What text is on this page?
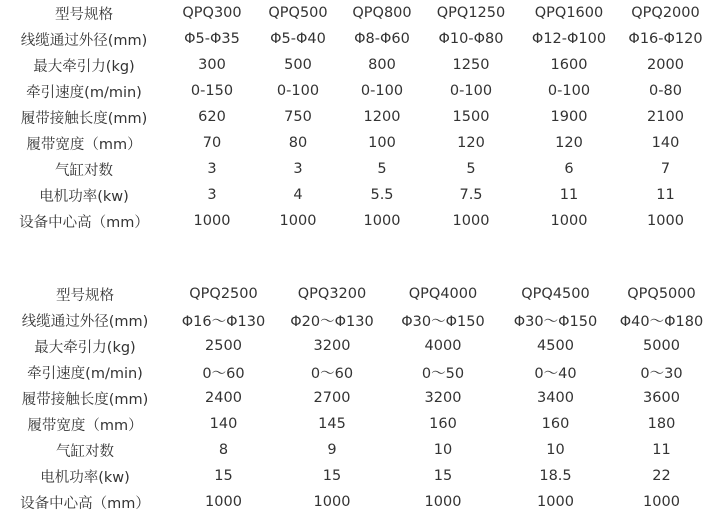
型号规格	QPQ300	QPQ500	QPQ800	QPQ1250	QPQ1600	QPQ2000
线缆通过外径(mm)	Φ5-Φ35	Φ5-Φ40	Φ8-Φ60	Φ10-Φ80	Φ12-Φ100	Φ16-Φ120
最大牵引力(kg)	300	500	800	1250	1600	2000
牵引速度(m/min)	0-150	0-100	0-100	0-100	0-100	0-80
履带接触长度(mm)	620	750	1200	1500	1900	2100
履带宽度（mm）	70	80	100	120	120	140
气缸对数	3	3	5	5	6	7
电机功率(kw)	3	4	5.5	7.5	11	11
设备中心高（mm）	1000	1000	1000	1000	1000	1000
型号规格	QPQ2500	QPQ3200	QPQ4000	QPQ4500	QPQ5000
线缆通过外径(mm)	Φ16～Φ130	Φ20～Φ130	Φ30～Φ150	Φ30～Φ150	Φ40～Φ180
最大牵引力(kg)	2500	3200	4000	4500	5000
牵引速度(m/min)	0～60	0～60	0～50	0～40	0～30
履带接触长度(mm)	2400	2700	3200	3400	3600
履带宽度（mm）	140	145	160	160	180
气缸对数	8	9	10	10	11
电机功率(kw)	15	15	15	18.5	22
设备中心高（mm）	1000	1000	1000	1000	1000
